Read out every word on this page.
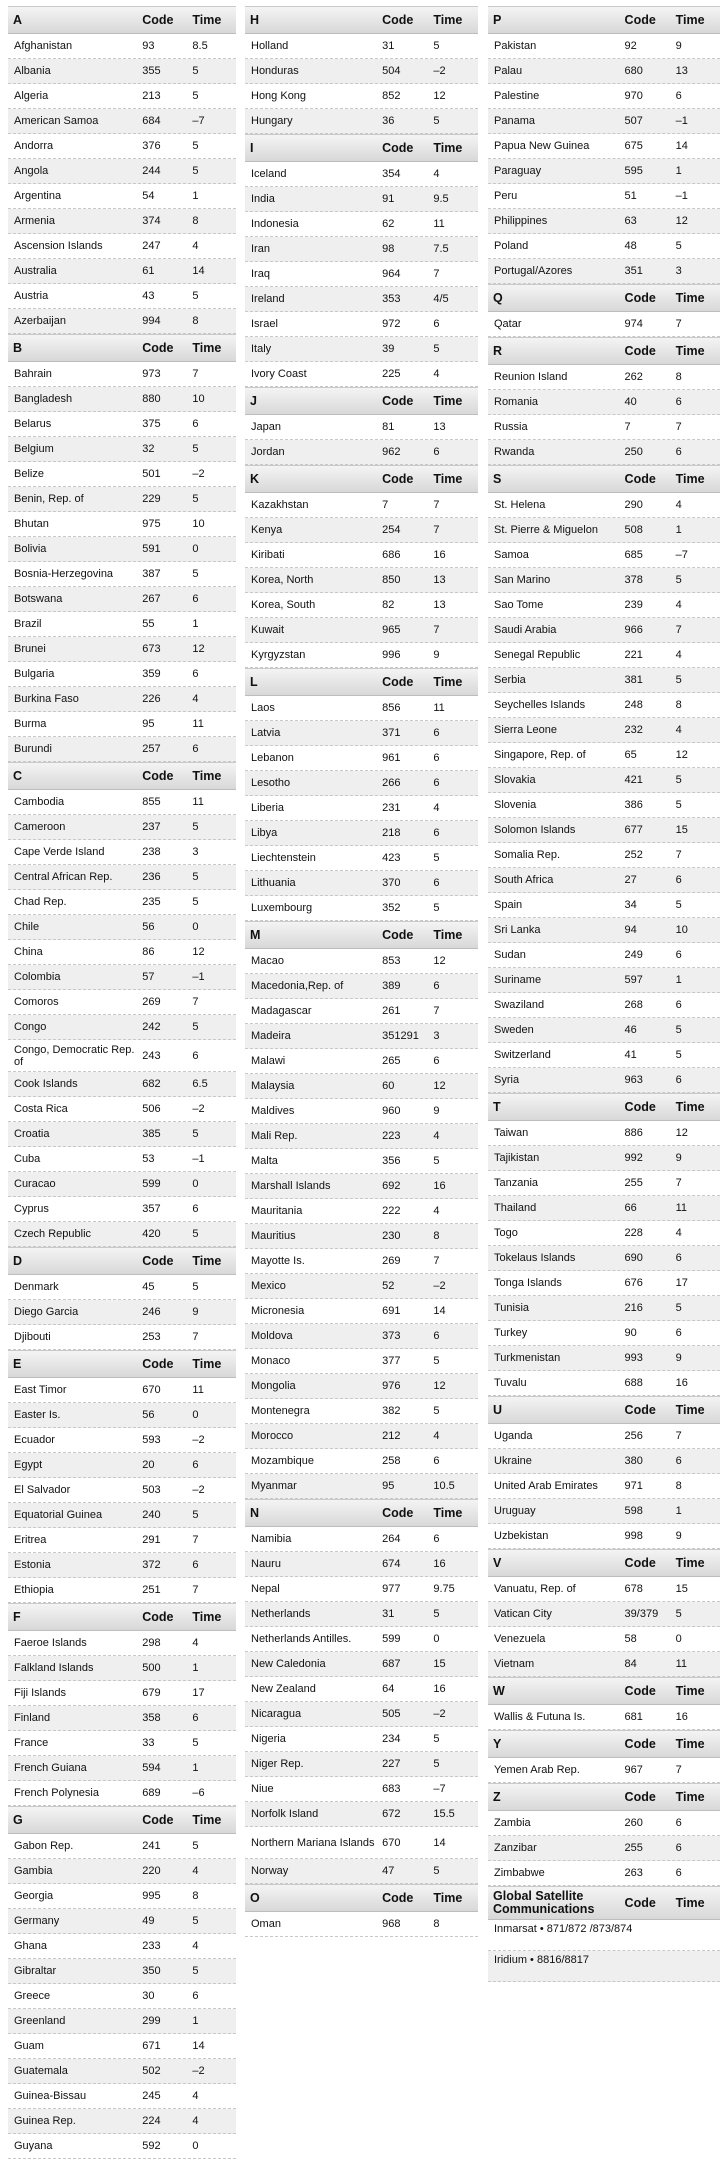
A	Code	Time
Afghanistan	93	8.5
Albania	355	5
Algeria	213	5
American Samoa	684	–7
Andorra	376	5
Angola	244	5
Argentina	54	1
Armenia	374	8
Ascension Islands	247	4
Australia	61	14
Austria	43	5
Azerbaijan	994	8
B	Code	Time
Bahrain	973	7
Bangladesh	880	10
Belarus	375	6
Belgium	32	5
Belize	501	–2
Benin, Rep. of	229	5
Bhutan	975	10
Bolivia	591	0
Bosnia-Herzegovina	387	5
Botswana	267	6
Brazil	55	1
Brunei	673	12
Bulgaria	359	6
Burkina Faso	226	4
Burma	95	11
Burundi	257	6
C	Code	Time
Cambodia	855	11
Cameroon	237	5
Cape Verde Island	238	3
Central African Rep.	236	5
Chad Rep.	235	5
Chile	56	0
China	86	12
Colombia	57	–1
Comoros	269	7
Congo	242	5
Congo, Democratic Rep. of	243	6
Cook Islands	682	6.5
Costa Rica	506	–2
Croatia	385	5
Cuba	53	–1
Curacao	599	0
Cyprus	357	6
Czech Republic	420	5
D	Code	Time
Denmark	45	5
Diego Garcia	246	9
Djibouti	253	7
E	Code	Time
East Timor	670	11
Easter Is.	56	0
Ecuador	593	–2
Egypt	20	6
El Salvador	503	–2
Equatorial Guinea	240	5
Eritrea	291	7
Estonia	372	6
Ethiopia	251	7
F	Code	Time
Faeroe Islands	298	4
Falkland Islands	500	1
Fiji Islands	679	17
Finland	358	6
France	33	5
French Guiana	594	1
French Polynesia	689	–6
G	Code	Time
Gabon Rep.	241	5
Gambia	220	4
Georgia	995	8
Germany	49	5
Ghana	233	4
Gibraltar	350	5
Greece	30	6
Greenland	299	1
Guam	671	14
Guatemala	502	–2
Guinea-Bissau	245	4
Guinea Rep.	224	4
Guyana	592	0
H	Code	Time
Holland	31	5
Honduras	504	–2
Hong Kong	852	12
Hungary	36	5
I	Code	Time
Iceland	354	4
India	91	9.5
Indonesia	62	11
Iran	98	7.5
Iraq	964	7
Ireland	353	4/5
Israel	972	6
Italy	39	5
Ivory Coast	225	4
J	Code	Time
Japan	81	13
Jordan	962	6
K	Code	Time
Kazakhstan	7	7
Kenya	254	7
Kiribati	686	16
Korea, North	850	13
Korea, South	82	13
Kuwait	965	7
Kyrgyzstan	996	9
L	Code	Time
Laos	856	11
Latvia	371	6
Lebanon	961	6
Lesotho	266	6
Liberia	231	4
Libya	218	6
Liechtenstein	423	5
Lithuania	370	6
Luxembourg	352	5
M	Code	Time
Macao	853	12
Macedonia,Rep. of	389	6
Madagascar	261	7
Madeira	351291	3
Malawi	265	6
Malaysia	60	12
Maldives	960	9
Mali Rep.	223	4
Malta	356	5
Marshall Islands	692	16
Mauritania	222	4
Mauritius	230	8
Mayotte Is.	269	7
Mexico	52	–2
Micronesia	691	14
Moldova	373	6
Monaco	377	5
Mongolia	976	12
Montenegra	382	5
Morocco	212	4
Mozambique	258	6
Myanmar	95	10.5
N	Code	Time
Namibia	264	6
Nauru	674	16
Nepal	977	9.75
Netherlands	31	5
Netherlands Antilles.	599	0
New Caledonia	687	15
New Zealand	64	16
Nicaragua	505	–2
Nigeria	234	5
Niger Rep.	227	5
Niue	683	–7
Norfolk Island	672	15.5
Northern Mariana Islands 670	14
Norway	47	5
O	Code	Time
Oman	968	8
P	Code	Time
Pakistan	92	9
Palau	680	13
Palestine	970	6
Panama	507	–1
Papua New Guinea	675	14
Paraguay	595	1
Peru	51	–1
Philippines	63	12
Poland	48	5
Portugal/Azores	351	3
Q	Code	Time
Qatar	974	7
R	Code	Time
Reunion Island	262	8
Romania	40	6
Russia	7	7
Rwanda	250	6
S	Code	Time
St. Helena	290	4
St. Pierre & Miguelon	508	1
Samoa	685	–7
San Marino	378	5
Sao Tome	239	4
Saudi Arabia	966	7
Senegal Republic	221	4
Serbia	381	5
Seychelles Islands	248	8
Sierra Leone	232	4
Singapore, Rep. of	65	12
Slovakia	421	5
Slovenia	386	5
Solomon Islands	677	15
Somalia Rep.	252	7
South Africa	27	6
Spain	34	5
Sri Lanka	94	10
Sudan	249	6
Suriname	597	1
Swaziland	268	6
Sweden	46	5
Switzerland	41	5
Syria	963	6
T	Code	Time
Taiwan	886	12
Tajikistan	992	9
Tanzania	255	7
Thailand	66	11
Togo	228	4
Tokelaus Islands	690	6
Tonga Islands	676	17
Tunisia	216	5
Turkey	90	6
Turkmenistan	993	9
Tuvalu	688	16
U	Code	Time
Uganda	256	7
Ukraine	380	6
United Arab Emirates	971	8
Uruguay	598	1
Uzbekistan	998	9
V	Code	Time
Vanuatu, Rep. of	678	15
Vatican City	39/379	5
Venezuela	58	0
Vietnam	84	11
W	Code	Time
Wallis & Futuna Is.	681	16
Y	Code	Time
Yemen Arab Rep.	967	7
Z	Code	Time
Zambia	260	6
Zanzibar	255	6
Zimbabwe	263	6
Global Satellite Communications	Code	Time
Inmarsat • 871/872 /873/874
Iridium • 8816/8817
